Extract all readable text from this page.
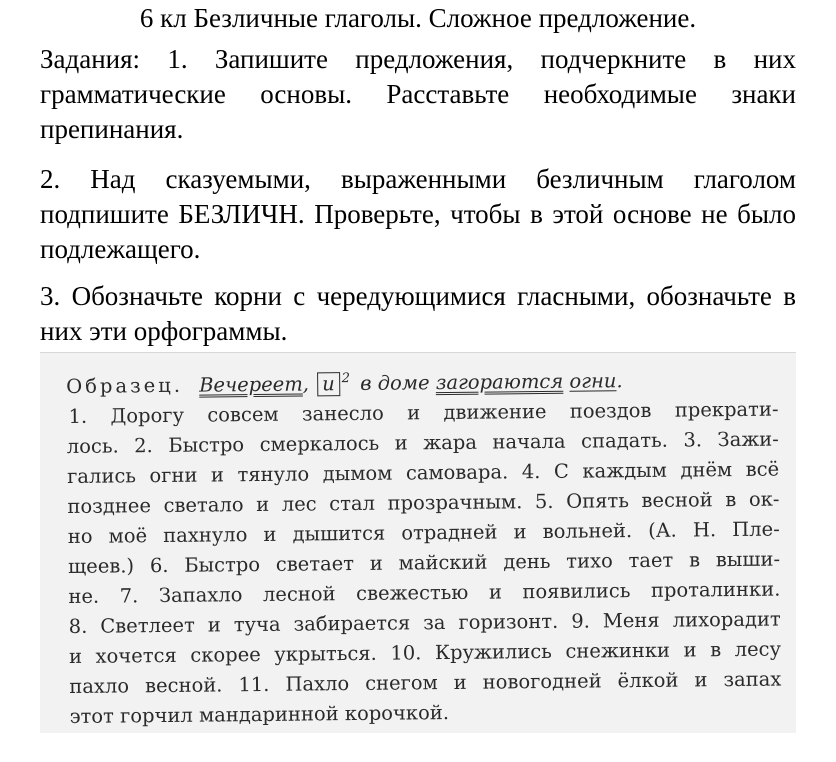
6 кл Безличные глаголы. Сложное предложение.
Задания: 1. Запишите предложения, подчеркните в них грамматические основы. Расставьте необходимые знаки препинания.
2. Над сказуемыми, выраженными безличным глаголом подпишите БЕЗЛИЧН. Проверьте, чтобы в этой основе не было подлежащего.
3. Обозначьте корни с чередующимися гласными, обозначьте в них эти орфограммы.
Образец. Вечереет, и $^2$ в доме загораются огни.
1. Дорогу совсем занесло и движение поездов прекрати-
лось. 2. Быстро смеркалось и жара начала спадать. 3. Зажи-
гались огни и тянуло дымом самовара. 4. С каждым днём всё
позднее светало и лес стал прозрачным. 5. Опять весной в ок-
но моё пахнуло и дышится отрадней и вольней. (А. Н. Пле-
щеев.) 6. Быстро светает и майский день тихо тает в выши-
не. 7. Запахло лесной свежестью и появились проталинки.
8. Светлеет и туча забирается за горизонт. 9. Меня лихорадит
и хочется скорее укрыться. 10. Кружились снежинки и в лесу
пахло весной. 11. Пахло снегом и новогодней ёлкой и запах
этот горчил мандаринной корочкой.
